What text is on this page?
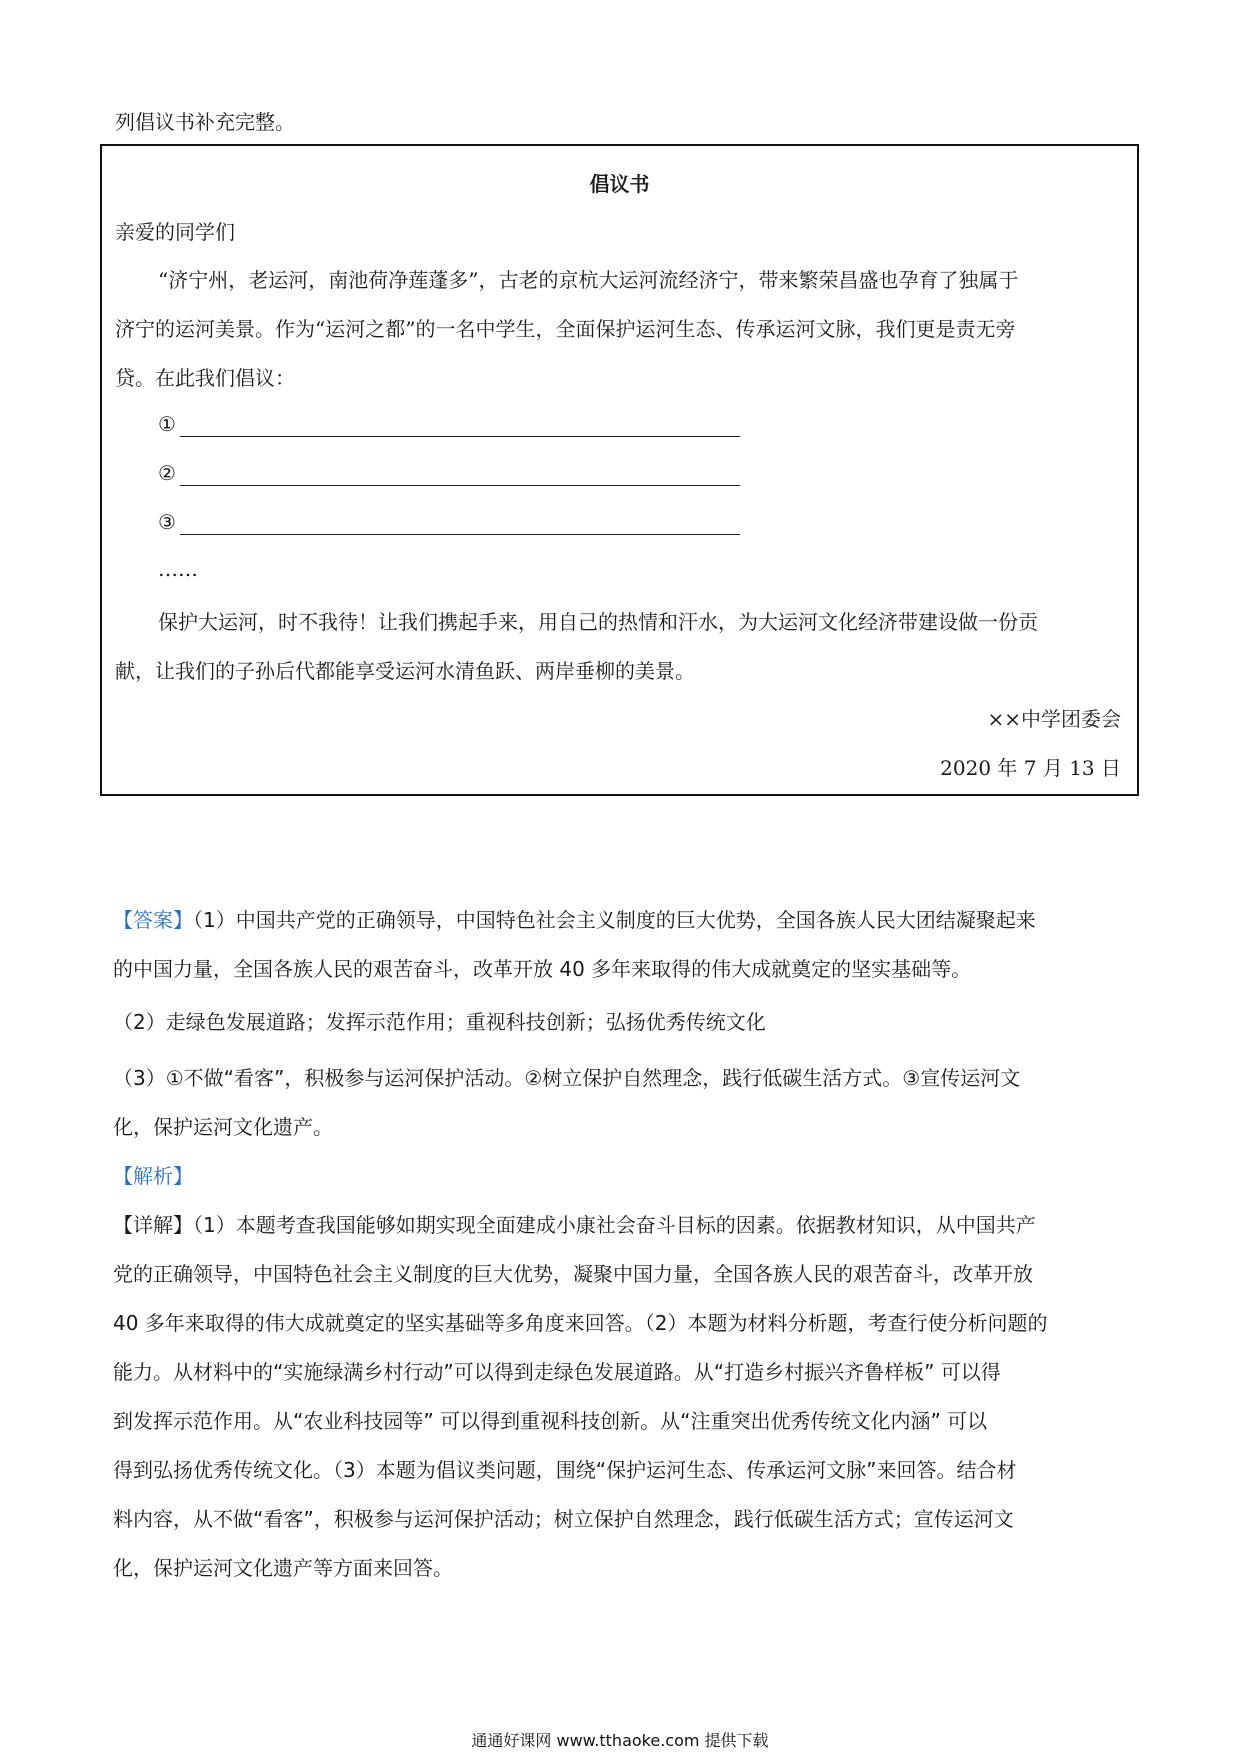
列倡议书补充完整。
倡议书
亲爱的同学们
“济宁州，老运河，南池荷净莲蓬多”，古老的京杭大运河流经济宁，带来繁荣昌盛也孕育了独属于
济宁的运河美景。作为“运河之都”的一名中学生，全面保护运河生态、传承运河文脉，我们更是责无旁
贷。在此我们倡议：
①
②
③
……
保护大运河，时不我待！让我们携起手来，用自己的热情和汗水，为大运河文化经济带建设做一份贡
献，让我们的子孙后代都能享受运河水清鱼跃、两岸垂柳的美景。
××中学团委会
2020 年 7 月 13 日
【答案】（1）中国共产党的正确领导，中国特色社会主义制度的巨大优势，全国各族人民大团结凝聚起来
的中国力量，全国各族人民的艰苦奋斗，改革开放 40 多年来取得的伟大成就奠定的坚实基础等。
（2）走绿色发展道路；发挥示范作用；重视科技创新；弘扬优秀传统文化
（3）①不做“看客”，积极参与运河保护活动。②树立保护自然理念，践行低碳生活方式。③宣传运河文
化，保护运河文化遗产。
【解析】
【详解】（1）本题考查我国能够如期实现全面建成小康社会奋斗目标的因素。依据教材知识，从中国共产
党的正确领导，中国特色社会主义制度的巨大优势，凝聚中国力量，全国各族人民的艰苦奋斗，改革开放
40 多年来取得的伟大成就奠定的坚实基础等多角度来回答。（2）本题为材料分析题，考查行使分析问题的
能力。从材料中的“实施绿满乡村行动”可以得到走绿色发展道路。从“打造乡村振兴齐鲁样板” 可以得
到发挥示范作用。从“农业科技园等” 可以得到重视科技创新。从“注重突出优秀传统文化内涵” 可以
得到弘扬优秀传统文化。（3）本题为倡议类问题，围绕“保护运河生态、传承运河文脉”来回答。结合材
料内容，从不做“看客”，积极参与运河保护活动；树立保护自然理念，践行低碳生活方式；宣传运河文
化，保护运河文化遗产等方面来回答。
通通好课网 www.tthaoke.com 提供下载
